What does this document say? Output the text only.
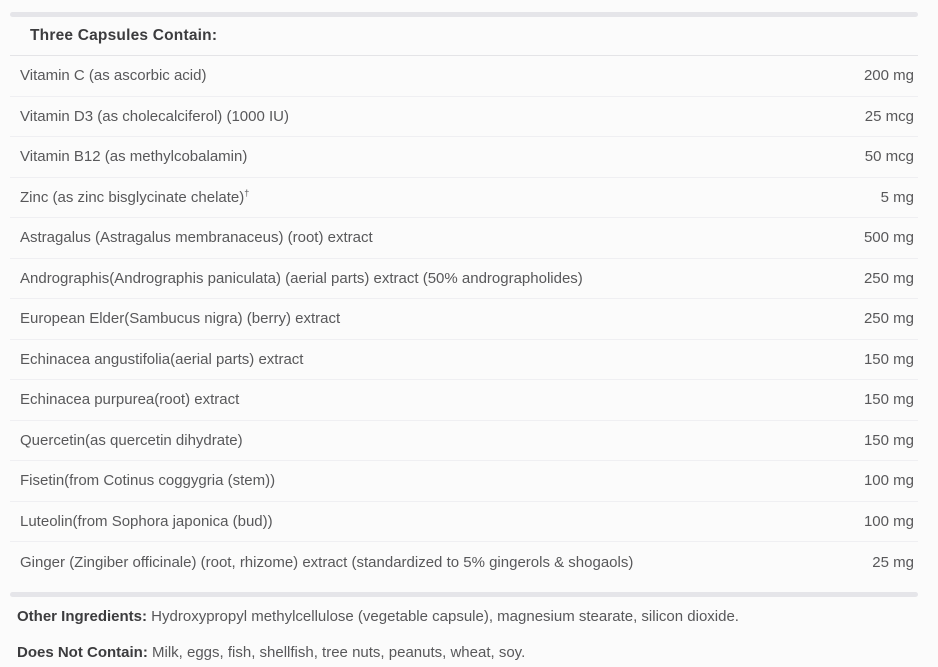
Three Capsules Contain:
Vitamin C (as ascorbic acid)	200 mg
Vitamin D3 (as cholecalciferol) (1000 IU)	25 mcg
Vitamin B12 (as methylcobalamin)	50 mcg
Zinc (as zinc bisglycinate chelate)†	5 mg
Astragalus (Astragalus membranaceus) (root) extract	500 mg
Andrographis(Andrographis paniculata) (aerial parts) extract (50% andrographolides)	250 mg
European Elder(Sambucus nigra) (berry) extract	250 mg
Echinacea angustifolia(aerial parts) extract	150 mg
Echinacea purpurea(root) extract	150 mg
Quercetin(as quercetin dihydrate)	150 mg
Fisetin(from Cotinus coggygria (stem))	100 mg
Luteolin(from Sophora japonica (bud))	100 mg
Ginger (Zingiber officinale) (root, rhizome) extract (standardized to 5% gingerols & shogaols)	25 mg
Other Ingredients: Hydroxypropyl methylcellulose (vegetable capsule), magnesium stearate, silicon dioxide.
Does Not Contain: Milk, eggs, fish, shellfish, tree nuts, peanuts, wheat, soy.
